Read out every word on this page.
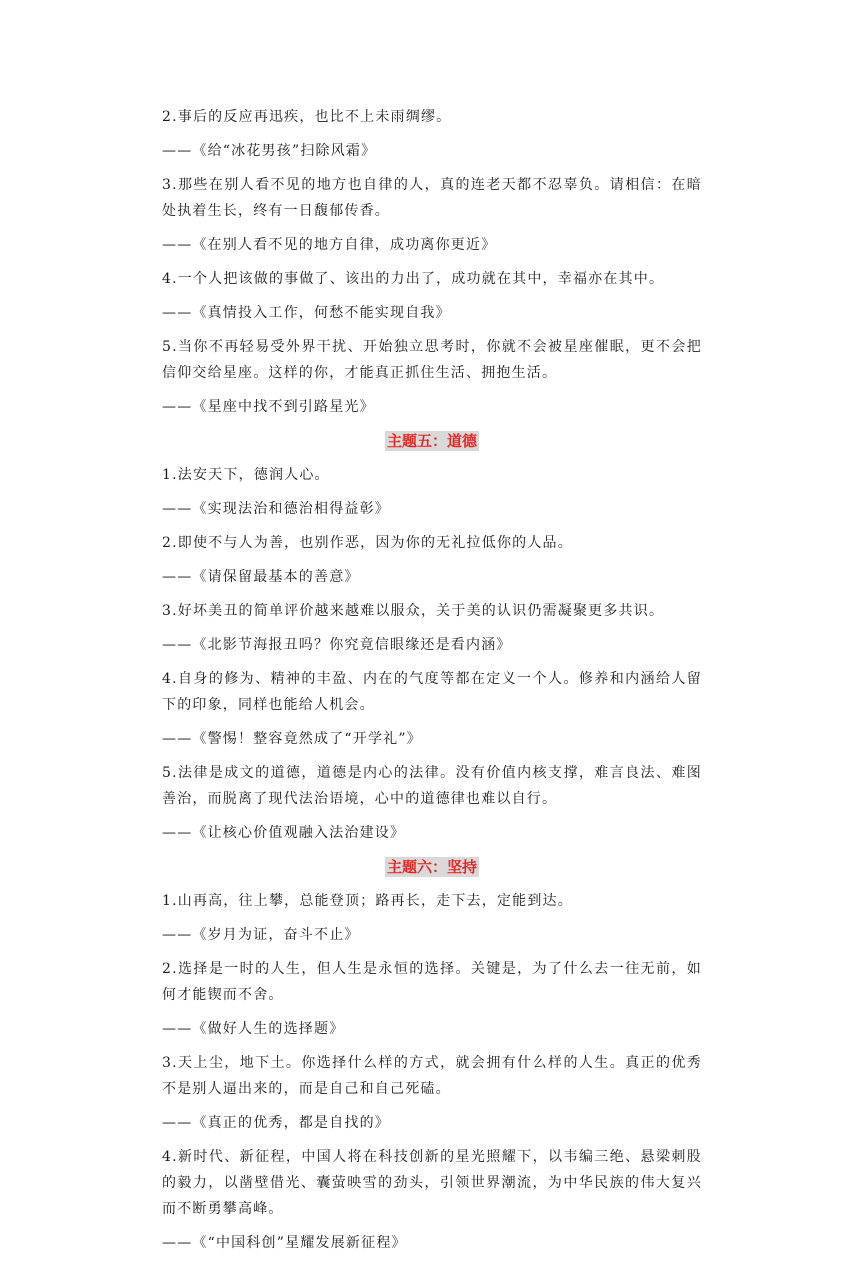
2.事后的反应再迅疾，也比不上未雨绸缪。

——《给“冰花男孩”扫除风霜》

3.那些在别人看不见的地方也自律的人，真的连老天都不忍辜负。请相信：在暗处执着生长，终有一日馥郁传香。

——《在别人看不见的地方自律，成功离你更近》

4.一个人把该做的事做了、该出的力出了，成功就在其中，幸福亦在其中。

——《真情投入工作，何愁不能实现自我》

5.当你不再轻易受外界干扰、开始独立思考时，你就不会被星座催眠，更不会把信仰交给星座。这样的你，才能真正抓住生活、拥抱生活。

——《星座中找不到引路星光》

主题五：道德

1.法安天下，德润人心。

——《实现法治和德治相得益彰》

2.即使不与人为善，也别作恶，因为你的无礼拉低你的人品。

——《请保留最基本的善意》

3.好坏美丑的简单评价越来越难以服众，关于美的认识仍需凝聚更多共识。

——《北影节海报丑吗？你究竟信眼缘还是看内涵》

4.自身的修为、精神的丰盈、内在的气度等都在定义一个人。修养和内涵给人留下的印象，同样也能给人机会。

——《警惕！整容竟然成了“开学礼”》

5.法律是成文的道德，道德是内心的法律。没有价值内核支撑，难言良法、难图善治，而脱离了现代法治语境，心中的道德律也难以自行。

——《让核心价值观融入法治建设》

主题六：坚持

1.山再高，往上攀，总能登顶；路再长，走下去，定能到达。

——《岁月为证，奋斗不止》

2.选择是一时的人生，但人生是永恒的选择。关键是，为了什么去一往无前，如何才能锲而不舍。

——《做好人生的选择题》

3.天上尘，地下土。你选择什么样的方式，就会拥有什么样的人生。真正的优秀不是别人逼出来的，而是自己和自己死磕。

——《真正的优秀，都是自找的》

4.新时代、新征程，中国人将在科技创新的星光照耀下，以韦编三绝、悬梁刺股的毅力，以凿壁借光、囊萤映雪的劲头，引领世界潮流，为中华民族的伟大复兴而不断勇攀高峰。

——《“中国科创”星耀发展新征程》
